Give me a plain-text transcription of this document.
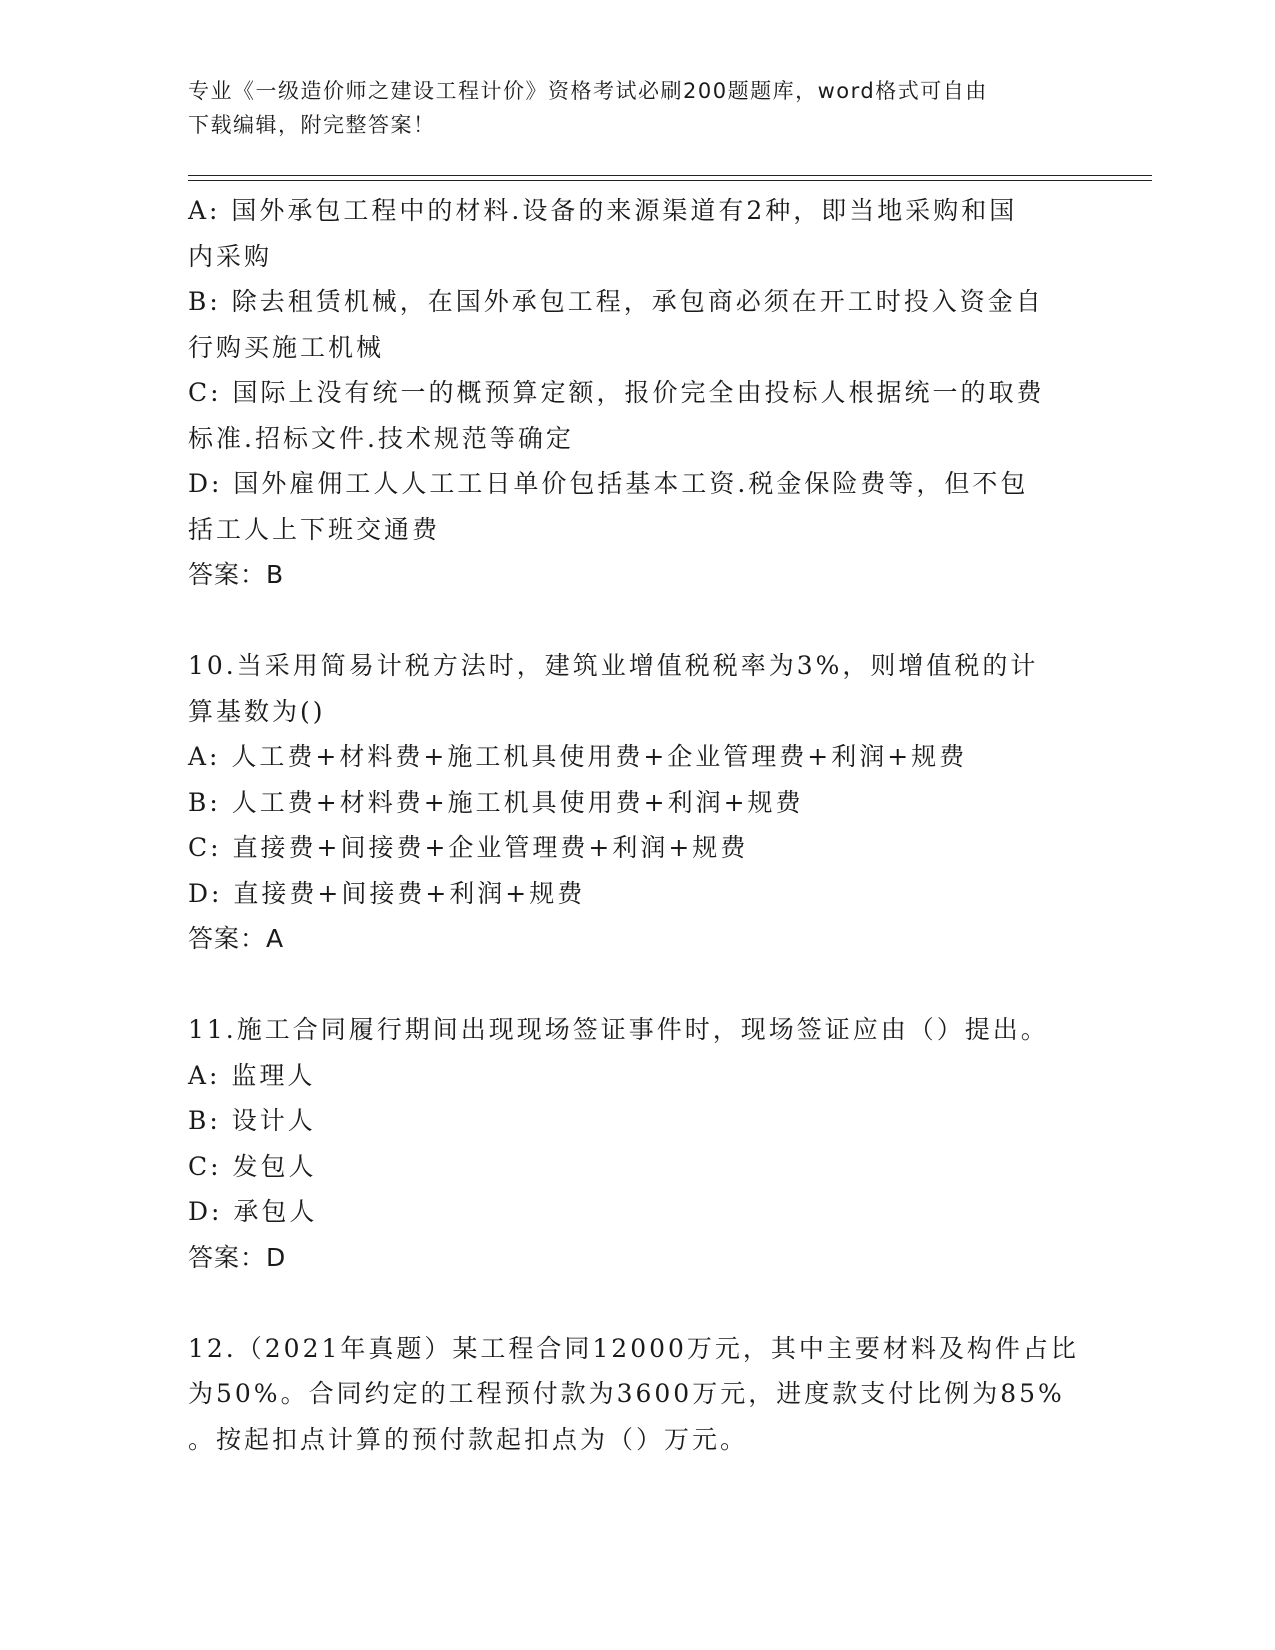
专业《一级造价师之建设工程计价》资格考试必刷200题题库，word格式可自由
下载编辑，附完整答案！
A: 国外承包工程中的材料.设备的来源渠道有2种，即当地采购和国
内采购
B: 除去租赁机械，在国外承包工程，承包商必须在开工时投入资金自
行购买施工机械
C: 国际上没有统一的概预算定额，报价完全由投标人根据统一的取费
标准.招标文件.技术规范等确定
D: 国外雇佣工人人工工日单价包括基本工资.税金保险费等，但不包
括工人上下班交通费
答案：B
10.当采用简易计税方法时，建筑业增值税税率为3%，则增值税的计
算基数为()
A: 人工费+材料费+施工机具使用费+企业管理费+利润+规费
B: 人工费+材料费+施工机具使用费+利润+规费
C: 直接费+间接费+企业管理费+利润+规费
D: 直接费+间接费+利润+规费
答案：A
11.施工合同履行期间出现现场签证事件时，现场签证应由（）提出。
A: 监理人
B: 设计人
C: 发包人
D: 承包人
答案：D
12.（2021年真题）某工程合同12000万元，其中主要材料及构件占比
为50%。合同约定的工程预付款为3600万元，进度款支付比例为85%
。按起扣点计算的预付款起扣点为（）万元。
